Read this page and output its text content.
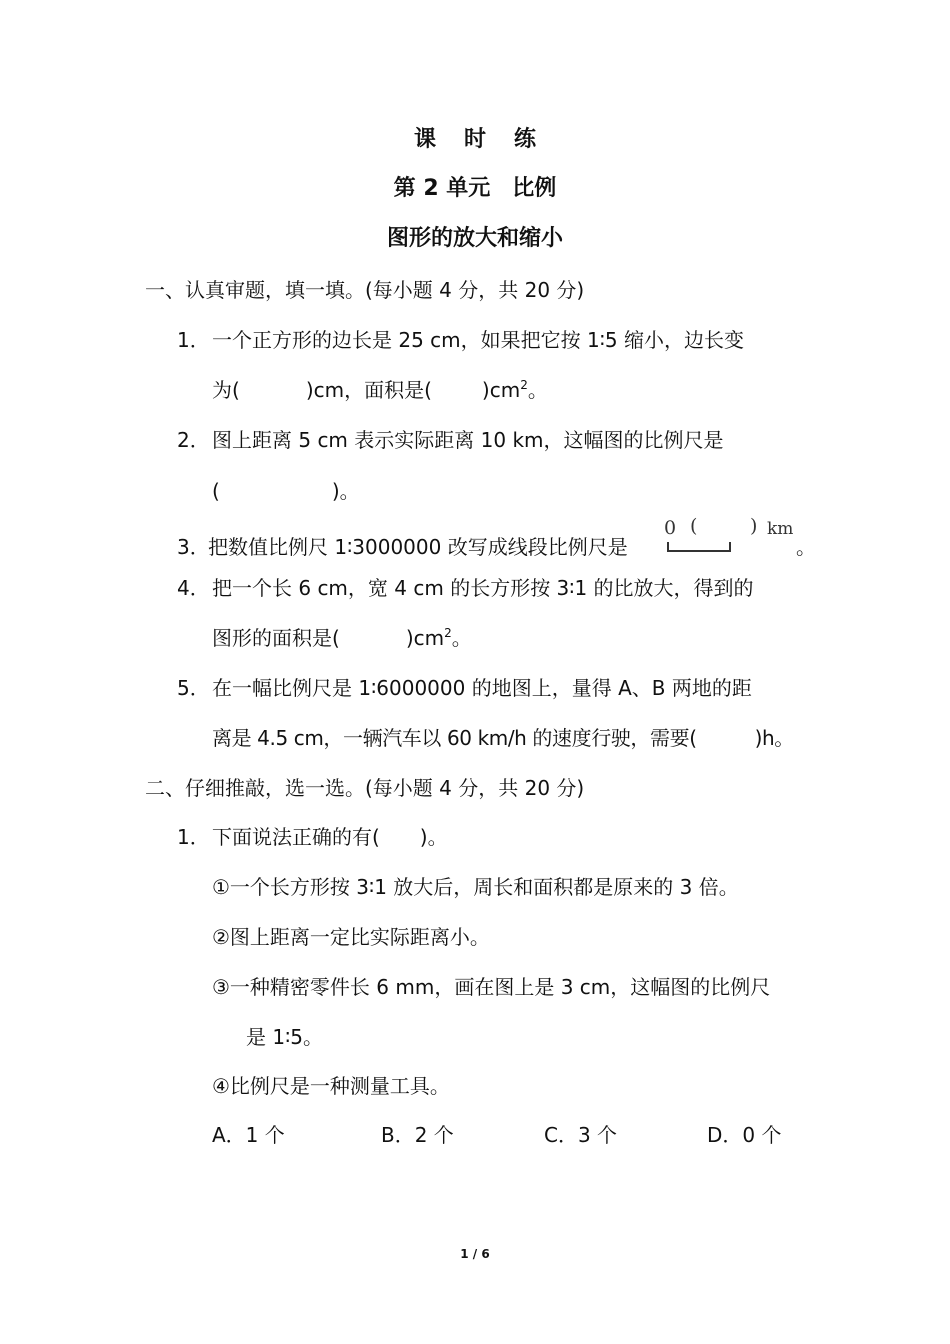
课 时 练
第 2 单元　比例
图形的放大和缩小
一、认真审题，填一填。(每小题 4 分，共 20 分)
1． 一个正方形的边长是 25 cm，如果把它按 1∶5 缩小，边长变
为(	)cm，面积是(	)$cm^2$。
2． 图上距离 5 cm 表示实际距离 10 km，这幅图的比例尺是
(	)。
3．
把数值比例尺 1∶3000000 改写成线段比例尺是
0 (	) km
。
4． 把一个长 6 cm，宽 4 cm 的长方形按 3∶1 的比放大，得到的
图形的面积是(	)$cm^2$。
5． 在一幅比例尺是 1∶6000000 的地图上，量得 A、B 两地的距
离是 4.5 cm，一辆汽车以 60 km/h 的速度行驶，需要(	)h。
二、仔细推敲，选一选。(每小题 4 分，共 20 分)
1． 下面说法正确的有(　　)。
①一个长方形按 3∶1 放大后，周长和面积都是原来的 3 倍。
②图上距离一定比实际距离小。
③一种精密零件长 6 mm，画在图上是 3 cm，这幅图的比例尺
是 1∶5。
④比例尺是一种测量工具。
A．1 个	B．2 个	C．3 个	D．0 个
1 / 6
